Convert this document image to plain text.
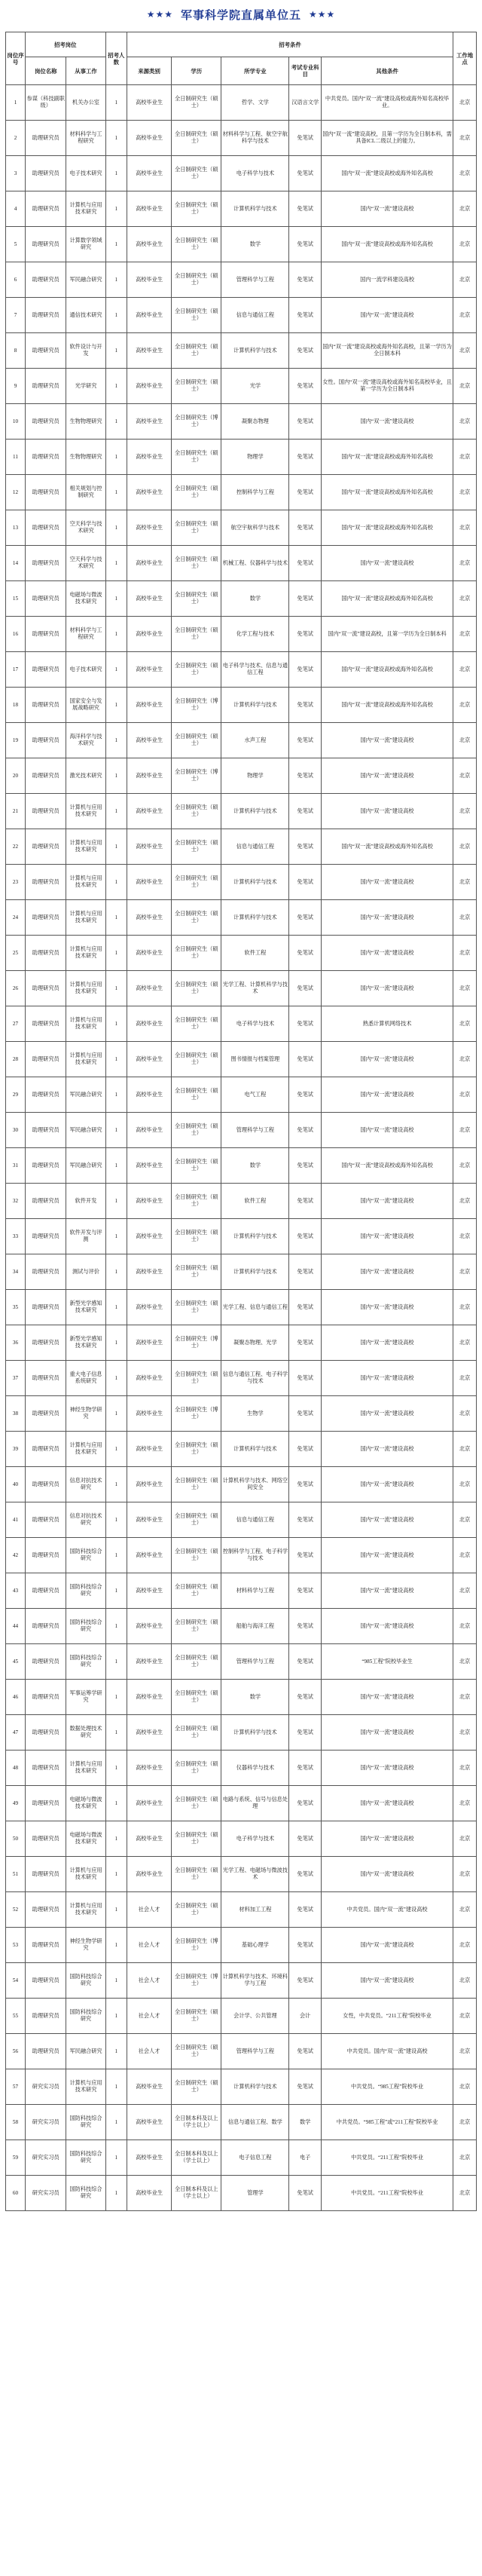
★★★ 军事科学院直属单位五 ★★★
岗位序号	招考岗位		招考人数	招考条件					工作地点
	岗位名称	从事工作		来源类别	学历	所学专业	考试专业科目	其他条件	
1	参谋（科技副职级）	机关办公室	1	高校毕业生	全日制研究生（硕士）	哲学、文学	汉语言文学	中共党员。国内“双一流”建设高校或海外知名高校毕业。	北京
2	助理研究员	材料科学与工程研究	1	高校毕业生	全日制研究生（硕士）	材料科学与工程、航空宇航科学与技术	免笔试	国内“双一流”建设高校，且第一学历为全日制本科，需具备ICL二级以上的能力。	北京
3	助理研究员	电子技术研究	1	高校毕业生	全日制研究生（硕士）	电子科学与技术	免笔试	国内“双一流”建设高校或海外知名高校	北京
4	助理研究员	计算机与应用技术研究	1	高校毕业生	全日制研究生（硕士）	计算机科学与技术	免笔试	国内“双一流”建设高校	北京
5	助理研究员	计算数学领域研究	1	高校毕业生	全日制研究生（硕士）	数学	免笔试	国内“双一流”建设高校或海外知名高校	北京
6	助理研究员	军民融合研究	1	高校毕业生	全日制研究生（硕士）	管理科学与工程	免笔试	国内一流学科建设高校	北京
7	助理研究员	通信技术研究	1	高校毕业生	全日制研究生（硕士）	信息与通信工程	免笔试	国内“双一流”建设高校	北京
8	助理研究员	软件设计与开发	1	高校毕业生	全日制研究生（硕士）	计算机科学与技术	免笔试	国内“双一流”建设高校或海外知名高校，且第一学历为全日制本科	北京
9	助理研究员	光学研究	1	高校毕业生	全日制研究生（硕士）	光学	免笔试	女性。国内“双一流”建设高校或海外知名高校毕业，且第一学历为全日制本科	北京
10	助理研究员	生物物理研究	1	高校毕业生	全日制研究生（博士）	凝聚态物理	免笔试	国内“双一流”建设高校	北京
11	助理研究员	生物物理研究	1	高校毕业生	全日制研究生（硕士）	物理学	免笔试	国内“双一流”建设高校或海外知名高校	北京
12	助理研究员	相关规划与控制研究	1	高校毕业生	全日制研究生（硕士）	控制科学与工程	免笔试	国内“双一流”建设高校或海外知名高校	北京
13	助理研究员	空天科学与技术研究	1	高校毕业生	全日制研究生（硕士）	航空宇航科学与技术	免笔试	国内“双一流”建设高校或海外知名高校	北京
14	助理研究员	空天科学与技术研究	1	高校毕业生	全日制研究生（硕士）	机械工程、仪器科学与技术	免笔试	国内“双一流”建设高校	北京
15	助理研究员	电磁场与微波技术研究	1	高校毕业生	全日制研究生（硕士）	数学	免笔试	国内“双一流”建设高校或海外知名高校	北京
16	助理研究员	材料科学与工程研究	1	高校毕业生	全日制研究生（硕士）	化学工程与技术	免笔试	国内“双一流”建设高校，且第一学历为全日制本科	北京
17	助理研究员	电子技术研究	1	高校毕业生	全日制研究生（硕士）	电子科学与技术、信息与通信工程	免笔试	国内“双一流”建设高校或海外知名高校	北京
18	助理研究员	国家安全与发展战略研究	1	高校毕业生	全日制研究生（博士）	计算机科学与技术	免笔试	国内“双一流”建设高校或海外知名高校	北京
19	助理研究员	海洋科学与技术研究	1	高校毕业生	全日制研究生（硕士）	水声工程	免笔试	国内“双一流”建设高校	北京
20	助理研究员	激光技术研究	1	高校毕业生	全日制研究生（博士）	物理学	免笔试	国内“双一流”建设高校	北京
21	助理研究员	计算机与应用技术研究	1	高校毕业生	全日制研究生（硕士）	计算机科学与技术	免笔试	国内“双一流”建设高校	北京
22	助理研究员	计算机与应用技术研究	1	高校毕业生	全日制研究生（硕士）	信息与通信工程	免笔试	国内“双一流”建设高校或海外知名高校	北京
23	助理研究员	计算机与应用技术研究	1	高校毕业生	全日制研究生（硕士）	计算机科学与技术	免笔试	国内“双一流”建设高校	北京
24	助理研究员	计算机与应用技术研究	1	高校毕业生	全日制研究生（硕士）	计算机科学与技术	免笔试	国内“双一流”建设高校	北京
25	助理研究员	计算机与应用技术研究	1	高校毕业生	全日制研究生（硕士）	软件工程	免笔试	国内“双一流”建设高校	北京
26	助理研究员	计算机与应用技术研究	1	高校毕业生	全日制研究生（硕士）	光学工程、计算机科学与技术	免笔试	国内“双一流”建设高校	北京
27	助理研究员	计算机与应用技术研究	1	高校毕业生	全日制研究生（硕士）	电子科学与技术	免笔试	熟悉计算机网络技术	北京
28	助理研究员	计算机与应用技术研究	1	高校毕业生	全日制研究生（硕士）	图书情报与档案管理	免笔试	国内“双一流”建设高校	北京
29	助理研究员	军民融合研究	1	高校毕业生	全日制研究生（硕士）	电气工程	免笔试	国内“双一流”建设高校	北京
30	助理研究员	军民融合研究	1	高校毕业生	全日制研究生（硕士）	管理科学与工程	免笔试	国内“双一流”建设高校	北京
31	助理研究员	军民融合研究	1	高校毕业生	全日制研究生（硕士）	数学	免笔试	国内“双一流”建设高校或海外知名高校	北京
32	助理研究员	软件开发	1	高校毕业生	全日制研究生（硕士）	软件工程	免笔试	国内“双一流”建设高校	北京
33	助理研究员	软件开发与评测	1	高校毕业生	全日制研究生（硕士）	计算机科学与技术	免笔试	国内“双一流”建设高校	北京
34	助理研究员	测试与评价	1	高校毕业生	全日制研究生（硕士）	计算机科学与技术	免笔试	国内“双一流”建设高校	北京
35	助理研究员	新型光学感知技术研究	1	高校毕业生	全日制研究生（硕士）	光学工程、信息与通信工程	免笔试	国内“双一流”建设高校	北京
36	助理研究员	新型光学感知技术研究	1	高校毕业生	全日制研究生（博士）	凝聚态物理、光学	免笔试	国内“双一流”建设高校	北京
37	助理研究员	重大电子信息系统研究	1	高校毕业生	全日制研究生（硕士）	信息与通信工程、电子科学与技术	免笔试	国内“双一流”建设高校	北京
38	助理研究员	神经生物学研究	1	高校毕业生	全日制研究生（博士）	生物学	免笔试	国内“双一流”建设高校	北京
39	助理研究员	计算机与应用技术研究	1	高校毕业生	全日制研究生（硕士）	计算机科学与技术	免笔试	国内“双一流”建设高校	北京
40	助理研究员	信息对抗技术研究	1	高校毕业生	全日制研究生（硕士）	计算机科学与技术、网络空间安全	免笔试	国内“双一流”建设高校	北京
41	助理研究员	信息对抗技术研究	1	高校毕业生	全日制研究生（硕士）	信息与通信工程	免笔试	国内“双一流”建设高校	北京
42	助理研究员	国防科技综合研究	1	高校毕业生	全日制研究生（硕士）	控制科学与工程、电子科学与技术	免笔试	国内“双一流”建设高校	北京
43	助理研究员	国防科技综合研究	1	高校毕业生	全日制研究生（硕士）	材料科学与工程	免笔试	国内“双一流”建设高校	北京
44	助理研究员	国防科技综合研究	1	高校毕业生	全日制研究生（硕士）	船舶与海洋工程	免笔试	国内“双一流”建设高校	北京
45	助理研究员	国防科技综合研究	1	高校毕业生	全日制研究生（硕士）	管理科学与工程	免笔试	“985工程”院校毕业生	北京
46	助理研究员	军事运筹学研究	1	高校毕业生	全日制研究生（硕士）	数学	免笔试	国内“双一流”建设高校	北京
47	助理研究员	数据处理技术研究	1	高校毕业生	全日制研究生（硕士）	计算机科学与技术	免笔试	国内“双一流”建设高校	北京
48	助理研究员	计算机与应用技术研究	1	高校毕业生	全日制研究生（硕士）	仪器科学与技术	免笔试	国内“双一流”建设高校	北京
49	助理研究员	电磁场与微波技术研究	1	高校毕业生	全日制研究生（硕士）	电路与系统、信号与信息处理	免笔试	国内“双一流”建设高校	北京
50	助理研究员	电磁场与微波技术研究	1	高校毕业生	全日制研究生（硕士）	电子科学与技术	免笔试	国内“双一流”建设高校	北京
51	助理研究员	计算机与应用技术研究	1	高校毕业生	全日制研究生（硕士）	光学工程、电磁场与微波技术	免笔试	国内“双一流”建设高校	北京
52	助理研究员	计算机与应用技术研究	1	社会人才	全日制研究生（硕士）	材料加工工程	免笔试	中共党员。国内“双一流”建设高校	北京
53	助理研究员	神经生物学研究	1	社会人才	全日制研究生（博士）	基础心理学	免笔试	国内“双一流”建设高校	北京
54	助理研究员	国防科技综合研究	1	社会人才	全日制研究生（博士）	计算机科学与技术、环境科学与工程	免笔试	国内“双一流”建设高校	北京
55	助理研究员	国防科技综合研究	1	社会人才	全日制研究生（硕士）	会计学、公共管理	会计	女性，中共党员。“211工程”院校毕业	北京
56	助理研究员	军民融合研究	1	社会人才	全日制研究生（硕士）	管理科学与工程	免笔试	中共党员。国内“双一流”建设高校	北京
57	研究实习员	计算机与应用技术研究	1	高校毕业生	全日制研究生（硕士）	计算机科学与技术	免笔试	中共党员。“985工程”院校毕业	北京
58	研究实习员	国防科技综合研究	1	高校毕业生	全日制本科及以上（学士以上）	信息与通信工程、数学	数学	中共党员。“985工程”或“211工程”院校毕业	北京
59	研究实习员	国防科技综合研究	1	高校毕业生	全日制本科及以上（学士以上）	电子信息工程	电子	中共党员。“211工程”院校毕业	北京
60	研究实习员	国防科技综合研究	1	高校毕业生	全日制本科及以上（学士以上）	管理学	免笔试	中共党员。“211工程”院校毕业	北京
